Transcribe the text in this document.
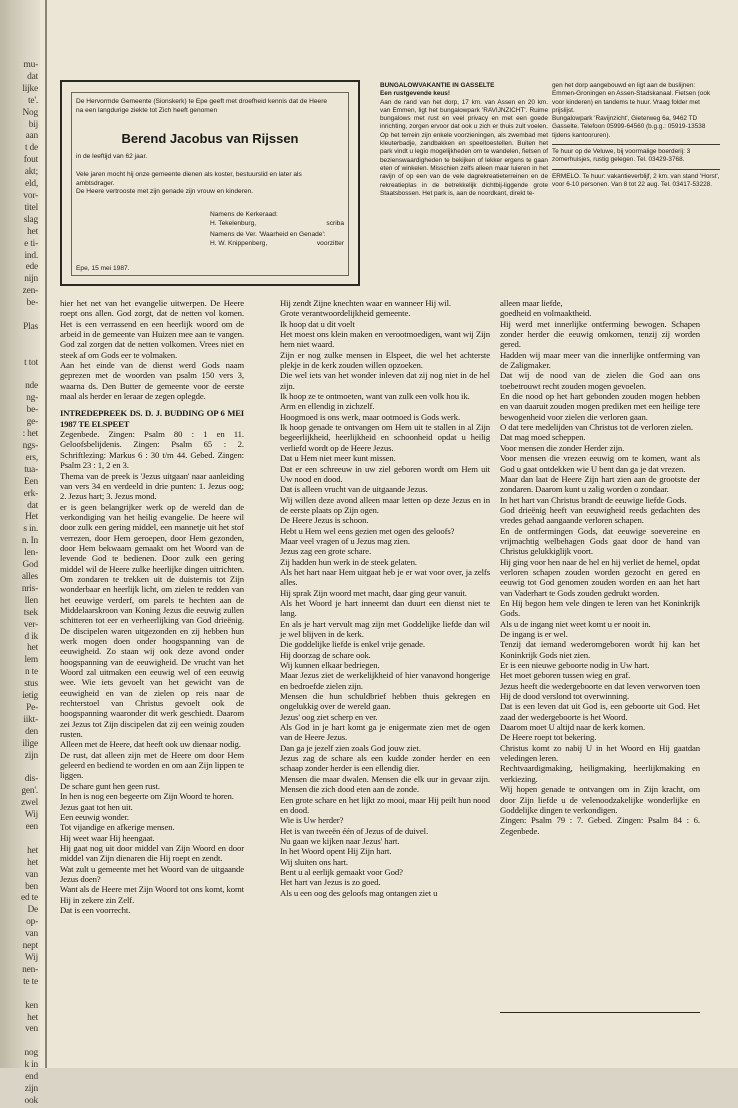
mu-
dat
lijke
te'.
Nog
bij
aan
t de
fout
akt;
eld,
vor-
titel
slag
het
e ti-
ind.
ede
nijn
zen-
be-

Plas

t tot

nde
ng-
be-
ge-
: het
ngs-
ers,
tua-
Een
erk-
dat
Het
s in.
n. In
len-
God
alles
nris-
llen
tsek
ver-
d ik
het
lem
n te
stus
ietig
Pe-
iikt-
den
ilige
zijn

dis-
gen'.
zwel
Wij
een

het
het
van
ben
ed te
De
op-
van
nept
Wij
nen-
te te

ken
het
ven

nog
k in
end
zijn
ook
De Hervormde Gemeente (Sionskerk) te Epe geeft met droefheid kennis dat de Heere na een langdurige ziekte tot Zich heeft genomen
Berend Jacobus van Rijssen
in de leeftijd van 62 jaar.
Vele jaren mocht hij onze gemeente dienen als koster, bestuurslid en later als ambtsdrager.
De Heere vertrooste met zijn genade zijn vrouw en kinderen.
Namens de Kerkeraad:
H. Tekelenburg,	scriba
Namens de Ver. 'Waarheid en Genade':
H. W. Knippenberg,	voorzitter
Epe, 15 mei 1987.
BUNGALOWVAKANTIE IN GASSELTE
Een rustgevende keus!
Aan de rand van het dorp, 17 km. van Assen en 20 km. van Emmen, ligt het bungalowpark 'RAVIJNZICHT'. Ruime bungalows met rust en veel privacy en met een goede inrichting, zorgen ervoor dat ook u zich er thuis zult voelen. Op het terrein zijn enkele voorzieningen, als zwembad met kleuterbadje, zandbakken en speeltoestellen. Buiten het park vindt u legio mogelijkheden om te wandelen, fietsen of bezienswaardigheden te bekijken of lekker ergens te gaan eten of winkelen. Misschien zelfs alleen maar luieren in het ravijn of op een van de vele dagrekreatieterreinen en de rekreatieplas in de betrekkelijk dichtbij-liggende grote Staatsbossen. Het park is, aan de noordkant, direkt te-

gen het dorp aangebouwd en ligt aan de buslijnen: Emmen-Groningen en Assen-Stadskanaal. Fietsen (ook voor kinderen) en tandems te huur. Vraag folder met prijslijst.

Bungalowpark 'Ravijnzicht', Gieterweg 6a, 9462 TD Gasselte. Telefoon 05999-64560 (b.g.g.: 05919-13538 tijdens kantooruren).

Te huur op de Veluwe, bij voormalige boerderij: 3 zomerhuisjes, rustig gelegen. Tel. 03429-3768.

ERMELO. Te huur: vakantieverblijf, 2 km. van stand 'Horst', voor 6-10 personen. Van 8 tot 22 aug. Tel. 03417-53228.

hier het net van het evangelie uitwerpen. De Heere roept ons allen. God zorgt, dat de netten vol komen. Het is een verrassend en een heerlijk woord om de arbeid in de gemeente van Huizen mee aan te vangen. God zal zorgen dat de netten volkomen. Vrees niet en steek af om Gods eer te volmaken.

Aan het einde van de dienst werd Gods naam geprezen met de woorden van psalm 150 vers 3, waarna ds. Den Butter de gemeente voor de eerste maal als herder en leraar de zegen oplegde.

INTREDEPREEK DS. D. J. BUDDING OP 6 MEI 1987 TE ELSPEET

Zegenbede. Zingen: Psalm 80 : 1 en 11. Geloofsbelijdenis. Zingen: Psalm 65 : 2. Schriftlezing: Markus 6 : 30 t/m 44. Gebed. Zingen: Psalm 23 : 1, 2 en 3.

Thema van de preek is 'Jezus uitgaan' naar aanleiding van vers 34 en verdeeld in drie punten: 1. Jezus oog; 2. Jezus hart; 3. Jezus mond.

er is geen belangrijker werk op de wereld dan de verkondiging van het heilig evangelie. De heere wil door zulk een gering middel, een mannetje uit het stof verrezen, door Hem geroepen, door Hem gezonden, door Hem bekwaam gemaakt om het Woord van de levende God te bedienen. Door zulk een gering middel wil de Heere zulke heerlijke dingen uitrichten. Om zondaren te trekken uit de duisternis tot Zijn wonderbaar en heerlijk licht, om zielen te redden van het eeuwige verderf, om parels te hechten aan de Middelaarskroon van Koning Jezus die eeuwig zullen schitteren tot eer en verheerlijking van God drieënig. De discipelen waren uitgezonden en zij hebben hun werk mogen doen onder hoogspanning van de eeuwigheid. Zo staan wij ook deze avond onder hoogspanning van de eeuwigheid. De vrucht van het Woord zal uitmaken een eeuwig wel of een eeuwig wee. Wie iets gevoelt van het gewicht van de eeuwigheid en van de zielen op reis naar de rechterstoel van Christus gevoelt ook de hoogspanning waaronder dit werk geschiedt. Daarom zei Jezus tot Zijn discipelen dat zij een weinig zouden rusten.

Alleen met de Heere, dat heeft ook uw dienaar nodig.

De rust, dat alleen zijn met de Heere om door Hem geleerd en bediend te worden en om aan Zijn lippen te liggen.

De schare gunt hen geen rust.
In hen is nog een begeerte om Zijn Woord te horen.
Jezus gaat tot hen uit.
Een eeuwig wonder.
Tot vijandige en afkerige mensen.
Hij weet waar Hij heengaat.
Hij gaat nog uit door middel van Zijn Woord en door middel van Zijn dienaren die Hij roept en zendt.
Wat zult u gemeente met het Woord van de uitgaande Jezus doen?
Want als de Heere met Zijn Woord tot ons komt, komt Hij in zekere zin Zelf.
Dat is een voorrecht.

Hij zendt Zijne knechten waar en wanneer Hij wil.
Grote verantwoordelijkheid gemeente.
Ik hoop dat u dit voelt
Het moest ons klein maken en verootmoedigen, want wij Zijn hem niet waard.
Zijn er nog zulke mensen in Elspeet, die wel het achterste plekje in de kerk zouden willen opzoeken.
Die wel iets van het wonder inleven dat zij nog niet in de hel zijn.
Ik hoop ze te ontmoeten, want van zulk een volk hou ik.
Arm en ellendig in zichzelf.
Hoogmoed is ons werk, maar ootmoed is Gods werk.
Ik hoop genade te ontvangen om Hem uit te stallen in al Zijn begeerlijkheid, heerlijkheid en schoonheid opdat u heilig verliefd wordt op de Heere Jezus.
Dat u Hem niet meer kunt missen.
Dat er een schreeuw in uw ziel geboren wordt om Hem uit Uw nood en dood.
Dat is alleen vrucht van de uitgaande Jezus.
Wij willen deze avond alleen maar letten op deze Jezus en in de eerste plaats op Zijn ogen.
De Heere Jezus is schoon.
Hebt u Hem wel eens gezien met ogen des geloofs?
Maar veel vragen of u Jezus mag zien.
Jezus zag een grote schare.
Zij hadden hun werk in de steek gelaten.
Als het hart naar Hem uitgaat heb je er wat voor over, ja zelfs alles.
Hij sprak Zijn woord met macht, daar ging geur vanuit.
Als het Woord je hart inneemt dan duurt een dienst niet te lang.
En als je hart vervult mag zijn met Goddelijke liefde dan wil je wel blijven in de kerk.
Die goddelijke liefde is enkel vrije genade.
Hij doorzag de schare ook.
Wij kunnen elkaar bedriegen.
Maar Jezus ziet de werkelijkheid of hier vanavond hongerige en bedroefde zielen zijn.
Mensen die hun schuldbrief hebben thuis gekregen en ongelukkig over de wereld gaan.
Jezus' oog ziet scherp en ver.
Als God in je hart komt ga je enigermate zien met de ogen van de Heere Jezus.
Dan ga je jezelf zien zoals God jouw ziet.
Jezus zag de schare als een kudde zonder herder en een schaap zonder herder is een ellendig dier.
Mensen die maar dwalen. Mensen die elk uur in gevaar zijn. Mensen die zich dood eten aan de zonde.
Een grote schare en het lijkt zo mooi, maar Hij peilt hun nood en dood.
Wie is Uw herder?
Het is van tweeën één of Jezus of de duivel.
Nu gaan we kijken naar Jezus' hart.
In het Woord opent Hij Zijn hart.
Wij sluiten ons hart.
Bent u al eerlijk gemaakt voor God?
Het hart van Jezus is zo goed.
Als u een oog des geloofs mag ontangen ziet u

alleen maar liefde,
goedheid en volmaaktheid.
Hij werd met innerlijke ontferming bewogen. Schapen zonder herder die eeuwig omkomen, tenzij zij worden gered.
Hadden wij maar meer van die innerlijke ontferming van de Zaligmaker.
Dat wij de nood van de zielen die God aan ons toebetrouwt recht zouden mogen gevoelen.
En die nood op het hart gebonden zouden mogen hebben en van daaruit zouden mogen prediken met een heilige tere bewogenheid voor zielen die verloren gaan.
O dat tere medelijden van Christus tot de verloren zielen.
Dat mag moed scheppen.
Voor mensen die zonder Herder zijn.
Voor mensen die vrezen eeuwig om te komen, want als God u gaat ontdekken wie U bent dan ga je dat vrezen.
Maar dan laat de Heere Zijn hart zien aan de grootste der zondaren. Daarom kunt u zalig worden o zondaar.
In het hart van Christus brandt de eeuwige liefde Gods.
God drieënig heeft van eeuwigheid reeds gedachten des vredes gehad aangaande verloren schapen.
En de ontfermingen Gods, dat eeuwige soevereine en vrijmachtig welbehagen Gods gaat door de hand van Christus gelukkiglijk voort.
Hij ging voor hen naar de hel en hij verliet de hemel, opdat verloren schapen zouden worden gezocht en gered en eeuwig tot God genomen zouden worden en aan het hart van Vaderhart te Gods zouden gedrukt worden.
En Hij begon hem vele dingen te leren van het Koninkrijk Gods.
Als u de ingang niet weet komt u er nooit in.
De ingang is er wel.
Tenzij dat iemand wederomgeboren wordt hij kan het Koninkrijk Gods niet zien.
Er is een nieuwe geboorte nodig in Uw hart.
Het moet geboren tussen wieg en graf.
Jezus heeft die wedergeboorte en dat leven verworven toen Hij de dood verslond tot overwinning.
Dat is een leven dat uit God is, een geboorte uit God. Het zaad der wedergeboorte is het Woord.
Daarom moet U altijd naar de kerk komen.
De Heere roept tot bekering.
Christus komt zo nabij U in het Woord en Hij gaatdan veledingen leren.
Rechtvaardigmaking, heiligmaking, heerlijkmaking en verkiezing.
Wij hopen genade te ontvangen om in Zijn kracht, om door Zijn liefde u de velenoodzakelijke wonderlijke en Goddelijke dingen te verkondigen.
Zingen: Psalm 79 : 7. Gebed. Zingen: Psalm 84 : 6. Zegenbede.
